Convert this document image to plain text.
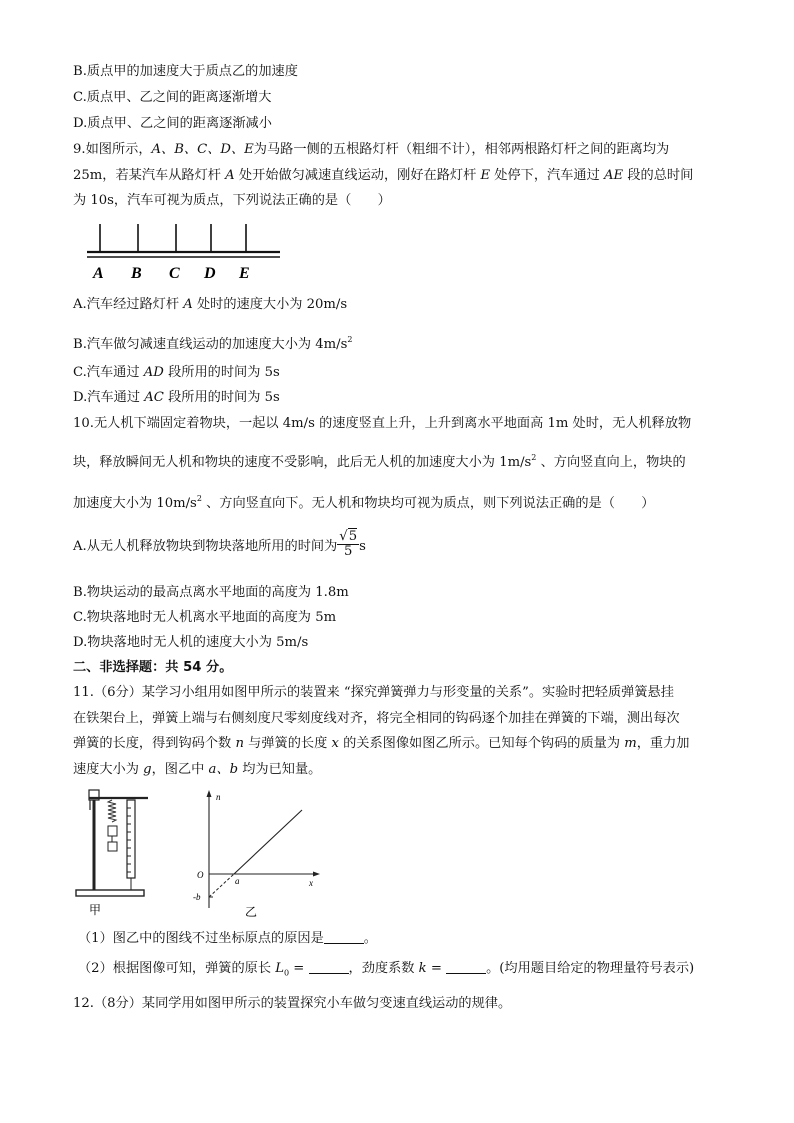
B.质点甲的加速度大于质点乙的加速度
C.质点甲、乙之间的距离逐渐增大
D.质点甲、乙之间的距离逐渐减小
9.如图所示，A、B、C、D、E为马路一侧的五根路灯杆（粗细不计），相邻两根路灯杆之间的距离均为
25m，若某汽车从路灯杆 A 处开始做匀减速直线运动，刚好在路灯杆 E 处停下，汽车通过 AE 段的总时间
为 10s，汽车可视为质点，下列说法正确的是（　　）
A B C D E
A.汽车经过路灯杆 A 处时的速度大小为 20m/s
B.汽车做匀减速直线运动的加速度大小为 $4m/s^2$
C.汽车通过 AD 段所用的时间为 5s
D.汽车通过 AC 段所用的时间为 5s
10.无人机下端固定着物块，一起以 4m/s 的速度竖直上升，上升到离水平地面高 1m 处时，无人机释放物
块，释放瞬间无人机和物块的速度不受影响，此后无人机的加速度大小为 $1m/s^2$ 、方向竖直向上，物块的
加速度大小为 $10m/s^2$ 、方向竖直向下。无人机和物块均可视为质点，则下列说法正确的是（　　）
A.从无人机释放物块到物块落地所用的时间为 $\frac{√5}{5}$ s
B.物块运动的最高点离水平地面的高度为 1.8m
C.物块落地时无人机离水平地面的高度为 5m
D.物块落地时无人机的速度大小为 5m/s
二、非选择题：共 54 分。
11.（6分）某学习小组用如图甲所示的装置来 “探究弹簧弹力与形变量的关系”。实验时把轻质弹簧悬挂
在铁架台上，弹簧上端与右侧刻度尺零刻度线对齐，将完全相同的钩码逐个加挂在弹簧的下端，测出每次
弹簧的长度，得到钩码个数 n 与弹簧的长度 x 的关系图像如图乙所示。已知每个钩码的质量为 m，重力加
速度大小为 g，图乙中 a、b 均为已知量。
甲
n
x
O
a
-b
乙
（1）图乙中的图线不过坐标原点的原因是	。
（2）根据图像可知，弹簧的原长 $L_0$ =	，劲度系数 k =	。(均用题目给定的物理量符号表示)
12.（8分）某同学用如图甲所示的装置探究小车做匀变速直线运动的规律。
